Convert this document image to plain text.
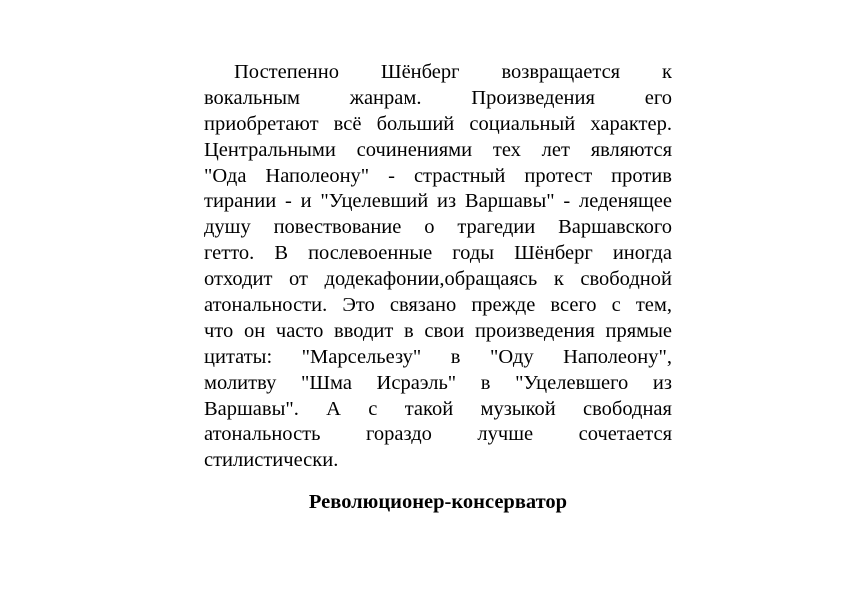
Постепенно Шёнберг возвращается к
вокальным жанрам. Произведения его
приобретают всё больший социальный характер.
Центральными сочинениями тех лет являются
"Ода Наполеону" - страстный протест против
тирании - и "Уцелевший из Варшавы" - леденящее
душу повествование о трагедии Варшавского
гетто. В послевоенные годы Шёнберг иногда
отходит от додекафонии,обращаясь к свободной
атональности. Это связано прежде всего с тем,
что он часто вводит в свои произведения прямые
цитаты: "Марсельезу" в "Оду Наполеону",
молитву "Шма Исраэль" в "Уцелевшего из
Варшавы". А с такой музыкой свободная
атональность гораздо лучше сочетается
стилистически.
Революционер-консерватор
